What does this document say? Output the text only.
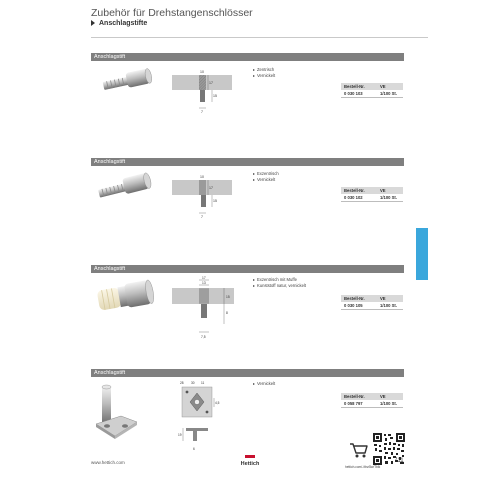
Zubehör für Drehstangenschlösser
Anschlagstifte
Anschlagstift
17
15
7
10	Zentrisch
Vernickelt
Bestell-Nr.	VE
0 030 103	1/100 St.
Anschlagstift
17
15
7
10
Exzentrisch
Vernickelt
Bestell-Nr.	VE
0 030 102	1/100 St.
Anschlagstift
17
13
15
8
7,5
Exzentrisch mit Muffe
Kunststoff natur, vernickelt
Bestell-Nr.	VE
0 030 105	1/100 St.
Anschlagstift
28 30 11
4,5
19
6
Vernickelt
Bestell-Nr.	VE
0 058 797	1/100 St.
hettich.com/-/tbv/8w/Tblk
www.hettich.com	Hettich	711
